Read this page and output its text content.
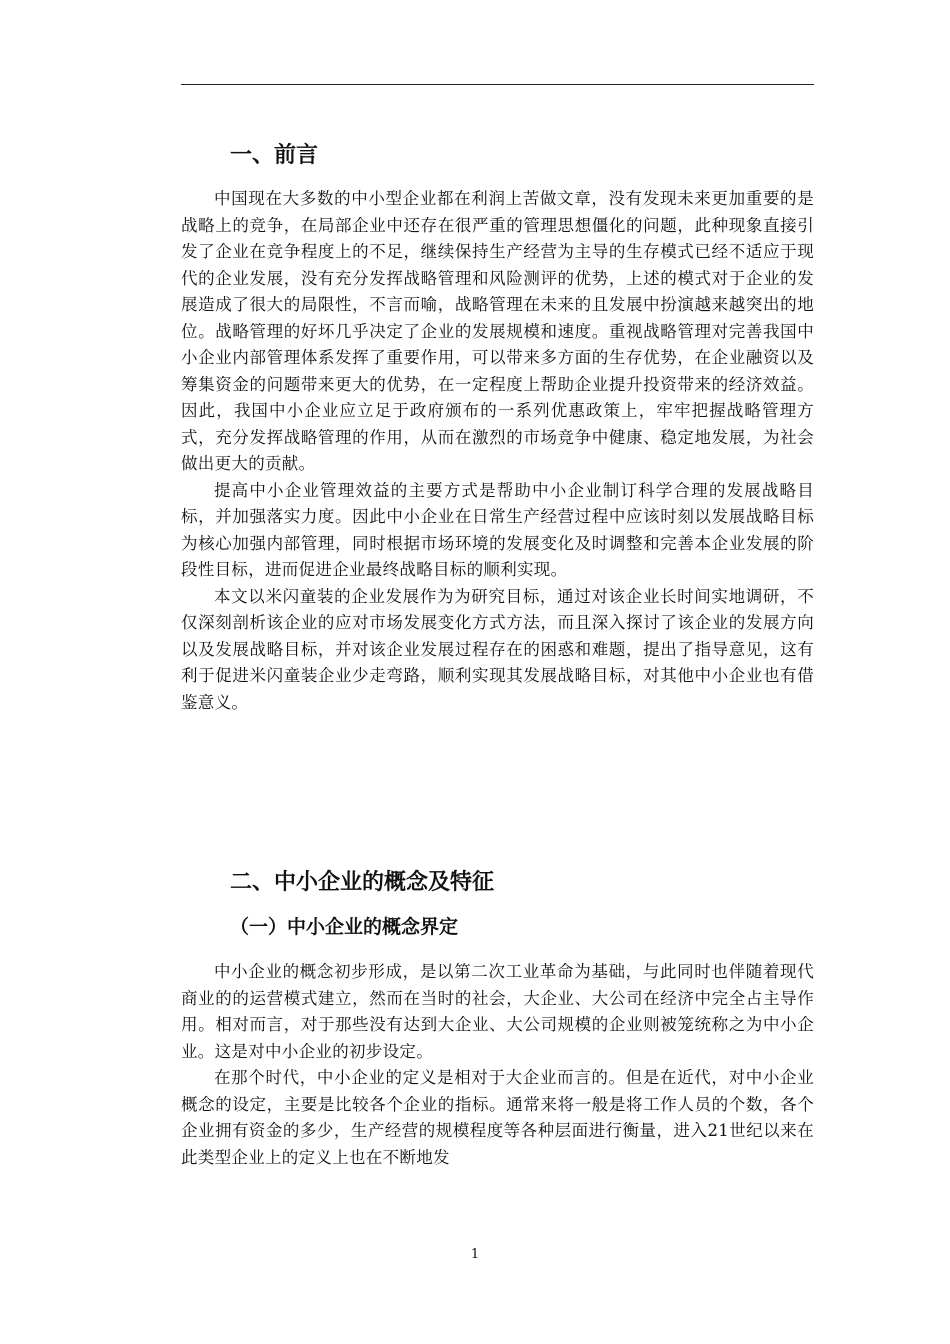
一、前言

中国现在大多数的中小型企业都在利润上苦做文章，没有发现未来更加重要的是战略上的竞争，在局部企业中还存在很严重的管理思想僵化的问题，此种现象直接引发了企业在竞争程度上的不足，继续保持生产经营为主导的生存模式已经不适应于现代的企业发展，没有充分发挥战略管理和风险测评的优势，上述的模式对于企业的发展造成了很大的局限性，不言而喻，战略管理在未来的且发展中扮演越来越突出的地位。战略管理的好坏几乎决定了企业的发展规模和速度。重视战略管理对完善我国中小企业内部管理体系发挥了重要作用，可以带来多方面的生存优势，在企业融资以及筹集资金的问题带来更大的优势，在一定程度上帮助企业提升投资带来的经济效益。因此，我国中小企业应立足于政府颁布的一系列优惠政策上，牢牢把握战略管理方式，充分发挥战略管理的作用，从而在激烈的市场竞争中健康、稳定地发展，为社会做出更大的贡献。

提高中小企业管理效益的主要方式是帮助中小企业制订科学合理的发展战略目标，并加强落实力度。因此中小企业在日常生产经营过程中应该时刻以发展战略目标为核心加强内部管理，同时根据市场环境的发展变化及时调整和完善本企业发展的阶段性目标，进而促进企业最终战略目标的顺利实现。

本文以米闪童装的企业发展作为为研究目标，通过对该企业长时间实地调研，不仅深刻剖析该企业的应对市场发展变化方式方法，而且深入探讨了该企业的发展方向以及发展战略目标，并对该企业发展过程存在的困惑和难题，提出了指导意见，这有利于促进米闪童装企业少走弯路，顺利实现其发展战略目标，对其他中小企业也有借鉴意义。

二、中小企业的概念及特征
（一）中小企业的概念界定

中小企业的概念初步形成，是以第二次工业革命为基础，与此同时也伴随着现代商业的的运营模式建立，然而在当时的社会，大企业、大公司在经济中完全占主导作用。相对而言，对于那些没有达到大企业、大公司规模的企业则被笼统称之为中小企业。这是对中小企业的初步设定。

在那个时代，中小企业的定义是相对于大企业而言的。但是在近代，对中小企业概念的设定，主要是比较各个企业的指标。通常来将一般是将工作人员的个数，各个企业拥有资金的多少，生产经营的规模程度等各种层面进行衡量，进入21世纪以来在此类型企业上的定义上也在不断地发

1
